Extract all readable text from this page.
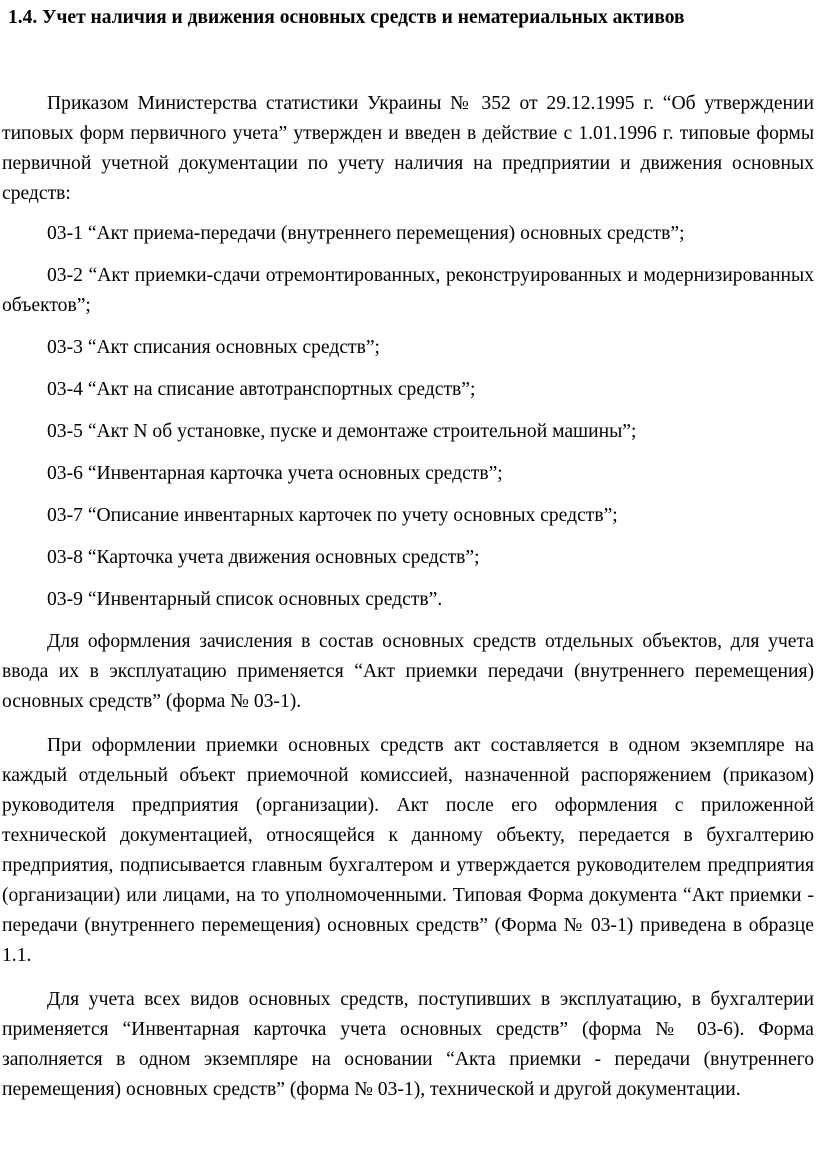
1.4. Учет наличия и движения основных средств и нематериальных активов

Приказом Министерства статистики Украины № 352 от 29.12.1995 г. “Об утверждении типовых форм первичного учета” утвержден и введен в действие с 1.01.1996 г. типовые формы первичной учетной документации по учету наличия на предприятии и движения основных средств:

03-1 “Акт приема-передачи (внутреннего перемещения) основных средств”;

03-2 “Акт приемки-сдачи отремонтированных, реконструированных и модернизированных объектов”;

03-3 “Акт списания основных средств”;

03-4 “Акт на списание автотранспортных средств”;

03-5 “Акт N об установке, пуске и демонтаже строительной машины”;

03-6 “Инвентарная карточка учета основных средств”;

03-7 “Описание инвентарных карточек по учету основных средств”;

03-8 “Карточка учета движения основных средств”;

03-9 “Инвентарный список основных средств”.

Для оформления зачисления в состав основных средств отдельных объектов, для учета ввода их в эксплуатацию применяется “Акт приемки передачи (внутреннего перемещения) основных средств” (форма № 03-1).

При оформлении приемки основных средств акт составляется в одном экземпляре на каждый отдельный объект приемочной комиссией, назначенной распоряжением (приказом) руководителя предприятия (организации). Акт после его оформления с приложенной технической документацией, относящейся к данному объекту, передается в бухгалтерию предприятия, подписывается главным бухгалтером и утверждается руководителем предприятия (организации) или лицами, на то уполномоченными. Типовая Форма документа “Акт приемки - передачи (внутреннего перемещения) основных средств” (Форма № 03-1) приведена в образце 1.1.

Для учета всех видов основных средств, поступивших в эксплуатацию, в бухгалтерии применяется “Инвентарная карточка учета основных средств” (форма № 03-6). Форма заполняется в одном экземпляре на основании “Акта приемки - передачи (внутреннего перемещения) основных средств” (форма № 03-1), технической и другой документации.
